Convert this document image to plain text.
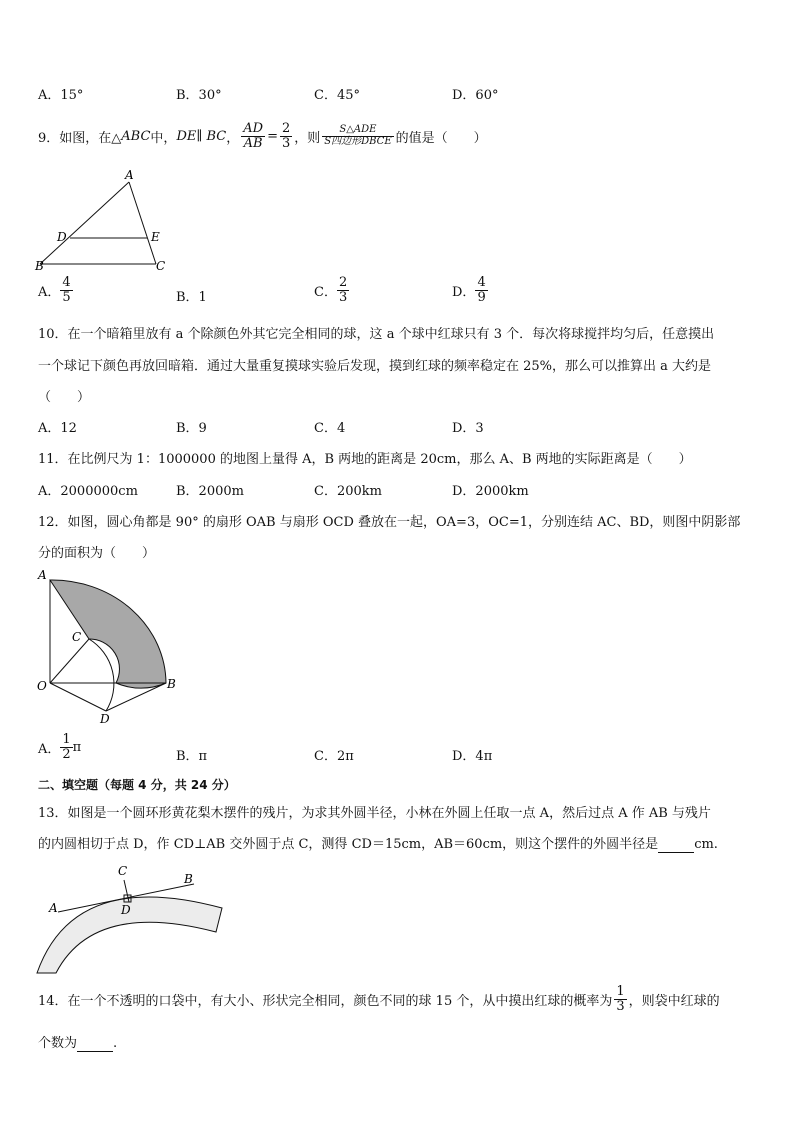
A．15°	B．30°	C．45°	D．60°
9．如图，在△ ABC 中， DE∥ BC ， $\frac{AD}{AB} = \frac{2}{3}$ ，则 $\frac{\text{S△ADE}}{\text{S四边形DBCE}}$ 的值是（　　）
A
D	E
B	C
A． $\frac{4}{5}$	B．1	C． $\frac{2}{3}$	D． $\frac{4}{9}$
10．在一个暗箱里放有 a 个除颜色外其它完全相同的球，这 a 个球中红球只有 3 个．每次将球搅拌均匀后，任意摸出
一个球记下颜色再放回暗箱．通过大量重复摸球实验后发现，摸到红球的频率稳定在 25%，那么可以推算出 a 大约是
（　　）
A．12	B．9	C．4	D．3
11．在比例尺为 1：1000000 的地图上量得 A，B 两地的距离是 20cm，那么 A、B 两地的实际距离是（　　）
A．2000000cm	B．2000m	C．200km	D．2000km
12．如图，圆心角都是 90° 的扇形 OAB 与扇形 OCD 叠放在一起，OA=3，OC=1，分别连结 AC、BD，则图中阴影部
分的面积为（　　）
A
C
O	B
D
A． $\frac{1}{2}$ π
B．π	C．2π	D．4π
二、填空题（每题 4 分，共 24 分）
13．如图是一个圆环形黄花梨木摆件的残片，为求其外圆半径，小林在外圆上任取一点 A，然后过点 A 作 AB 与残片
的内圆相切于点 D，作 CD⊥AB 交外圆于点 C，测得 CD＝15cm，AB＝60cm，则这个摆件的外圆半径是	cm.
A
C
D
B
14．在一个不透明的口袋中，有大小、形状完全相同，颜色不同的球 15 个，从中摸出红球的概率为 $\frac{1}{3}$ ，则袋中红球的
个数为	.
